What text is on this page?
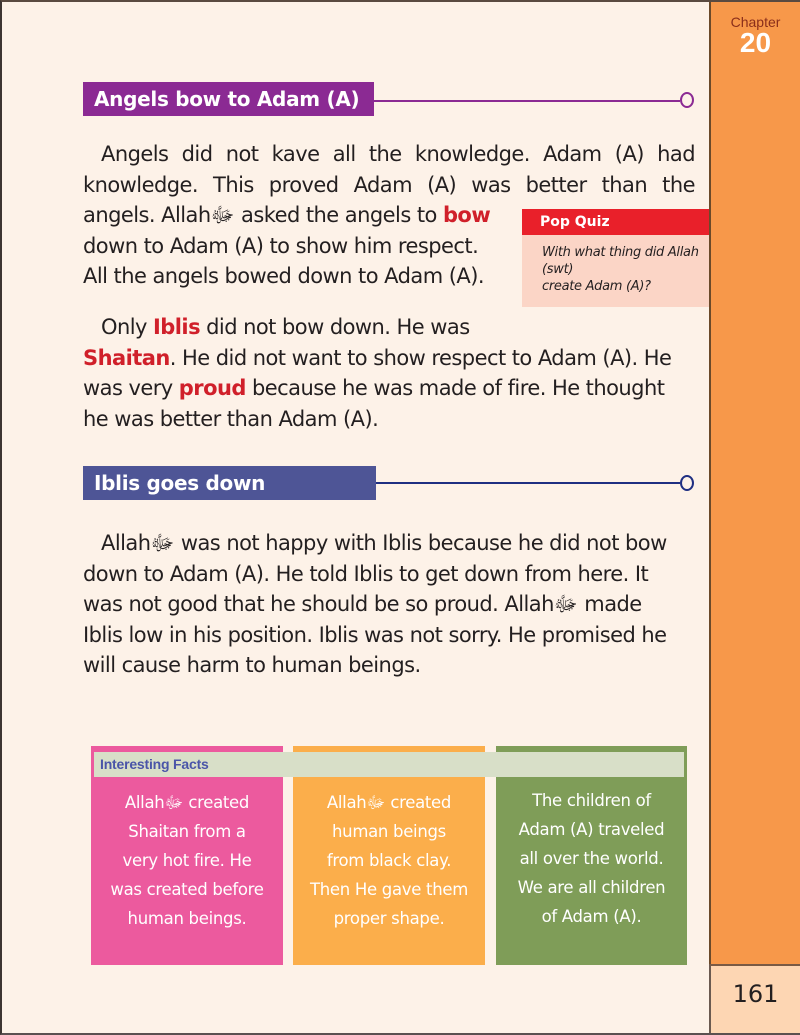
Chapter
20
161
Angels bow to Adam (A)
Angels did not kave all the knowledge. Adam (A) had
knowledge. This proved Adam (A) was better than the
angels. Allahﷻ asked the angels to bow
down to Adam (A) to show him respect.
All the angels bowed down to Adam (A).
Pop Quiz
With what thing did Allah (swt)
create Adam (A)?
Only Iblis did not bow down. He was
Shaitan. He did not want to show respect to Adam (A). He
was very proud because he was made of fire. He thought
he was better than Adam (A).
Iblis goes down
Allahﷻ was not happy with Iblis because he did not bow
down to Adam (A). He told Iblis to get down from here. It
was not good that he should be so proud. Allahﷻ made
Iblis low in his position. Iblis was not sorry. He promised he
will cause harm to human beings.
Interesting Facts
Allahﷻ created
Shaitan from a
very hot fire. He
was created before
human beings.
Allahﷻ created
human beings
from black clay.
Then He gave them
proper shape.
The children of
Adam (A) traveled
all over the world.
We are all children
of Adam (A).
